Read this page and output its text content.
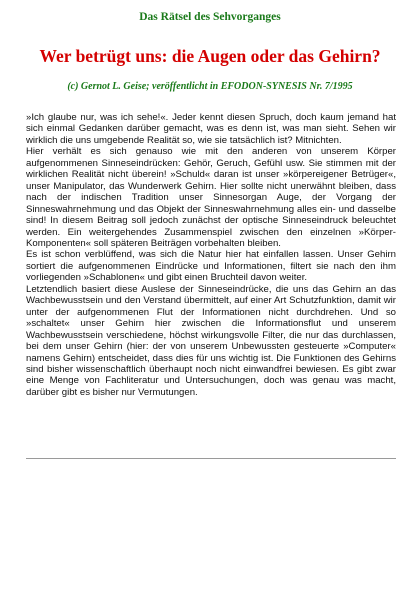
Das Rätsel des Sehvorganges
Wer betrügt uns: die Augen oder das Gehirn?
(c) Gernot L. Geise; veröffentlicht in EFODON-SYNESIS Nr. 7/1995

»Ich glaube nur, was ich sehe!«. Jeder kennt diesen Spruch, doch kaum jemand hat sich einmal Gedanken darüber gemacht, was es denn ist, was man sieht. Sehen wir wirklich die uns umgebende Realität so, wie sie tatsächlich ist? Mitnichten.

Hier verhält es sich genauso wie mit den anderen von unserem Körper aufgenommenen Sinneseindrücken: Gehör, Geruch, Gefühl usw. Sie stimmen mit der wirklichen Realität nicht überein! »Schuld« daran ist unser »körpereigener Betrüger«, unser Manipulator, das Wunderwerk Gehirn. Hier sollte nicht unerwähnt bleiben, dass nach der indischen Tradition unser Sinnesorgan Auge, der Vorgang der Sinneswahrnehmung und das Objekt der Sinneswahrnehmung alles ein- und dasselbe sind! In diesem Beitrag soll jedoch zunächst der optische Sinneseindruck beleuchtet werden. Ein weitergehendes Zusammenspiel zwischen den einzelnen »Körper-Komponenten« soll späteren Beiträgen vorbehalten bleiben.

Es ist schon verblüffend, was sich die Natur hier hat einfallen lassen. Unser Gehirn sortiert die aufgenommenen Eindrücke und Informationen, filtert sie nach den ihm vorliegenden »Schablonen« und gibt einen Bruchteil davon weiter.

Letztendlich basiert diese Auslese der Sinneseindrücke, die uns das Gehirn an das Wachbewusstsein und den Verstand übermittelt, auf einer Art Schutzfunktion, damit wir unter der aufgenommenen Flut der Informationen nicht durchdrehen. Und so »schaltet« unser Gehirn hier zwischen die Informationsflut und unserem Wachbewusstsein verschiedene, höchst wirkungsvolle Filter, die nur das durchlassen, bei dem unser Gehirn (hier: der von unserem Unbewussten gesteuerte »Computer« namens Gehirn) entscheidet, dass dies für uns wichtig ist. Die Funktionen des Gehirns sind bisher wissenschaftlich überhaupt noch nicht einwandfrei bewiesen. Es gibt zwar eine Menge von Fachliteratur und Untersuchungen, doch was genau was macht, darüber gibt es bisher nur Vermutungen.
